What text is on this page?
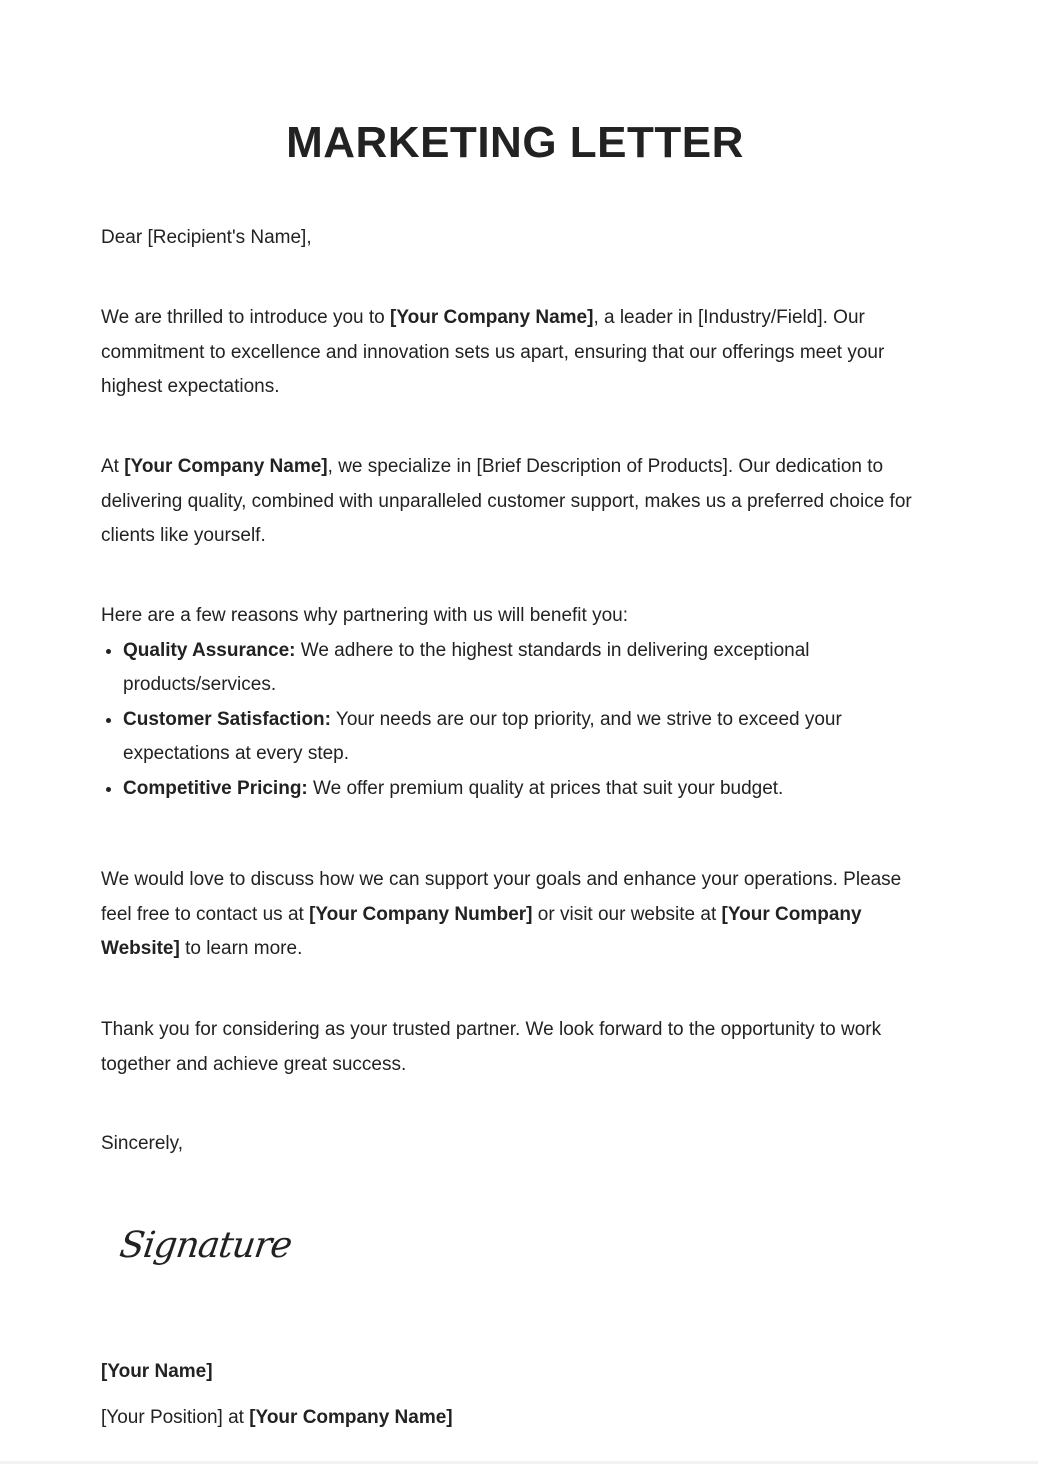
MARKETING LETTER
Dear [Recipient's Name],
We are thrilled to introduce you to [Your Company Name], a leader in [Industry/Field]. Our commitment to excellence and innovation sets us apart, ensuring that our offerings meet your highest expectations.
At [Your Company Name], we specialize in [Brief Description of Products]. Our dedication to delivering quality, combined with unparalleled customer support, makes us a preferred choice for clients like yourself.
Here are a few reasons why partnering with us will benefit you:
• Quality Assurance: We adhere to the highest standards in delivering exceptional products/services.
• Customer Satisfaction: Your needs are our top priority, and we strive to exceed your expectations at every step.
• Competitive Pricing: We offer premium quality at prices that suit your budget.
We would love to discuss how we can support your goals and enhance your operations. Please feel free to contact us at [Your Company Number] or visit our website at [Your Company Website] to learn more.
Thank you for considering as your trusted partner. We look forward to the opportunity to work together and achieve great success.
Sincerely,
Signature
[Your Name]
[Your Position] at [Your Company Name]
